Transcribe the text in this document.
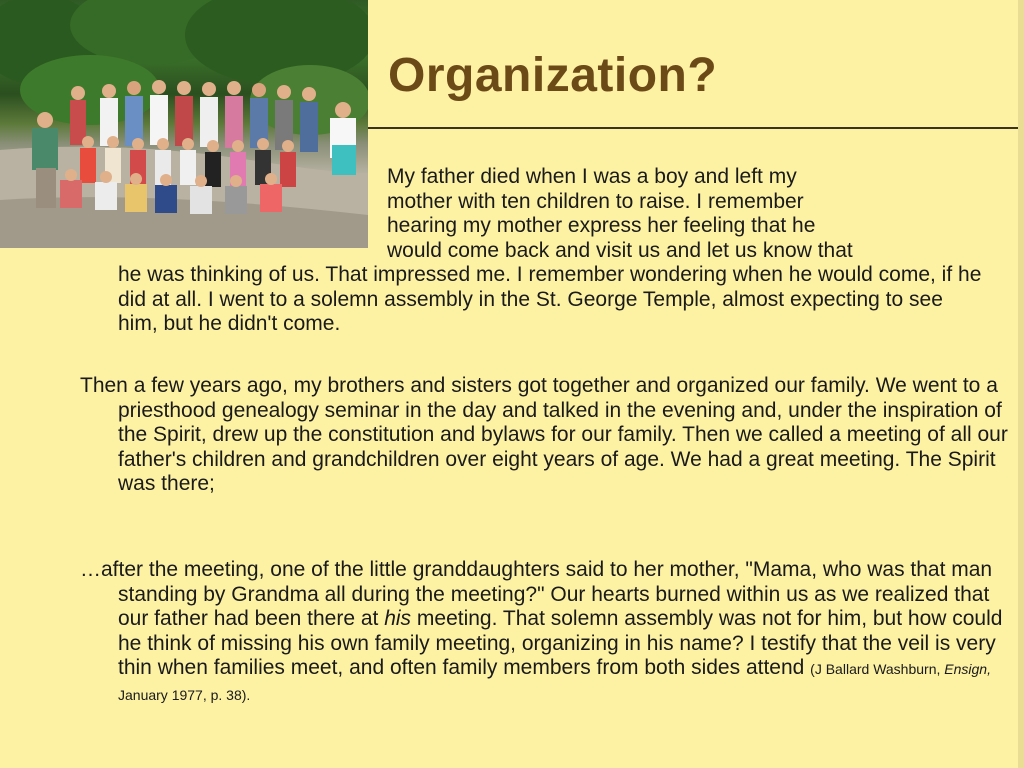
Organization?
My father died when I was a boy and left my
mother with ten children to raise. I remember
hearing my mother express her feeling that he
would come back and visit us and let us know that

he was thinking of us. That impressed me. I remember wondering when he would come, if he did at all. I went to a solemn assembly in the St. George Temple, almost expecting to see him, but he didn't come.

Then a few years ago, my brothers and sisters got together and organized our family. We went to a priesthood genealogy seminar in the day and talked in the evening and, under the inspiration of the Spirit, drew up the constitution and bylaws for our family. Then we called a meeting of all our father's children and grandchildren over eight years of age. We had a great meeting. The Spirit was there;

…after the meeting, one of the little granddaughters said to her mother, "Mama, who was that man standing by Grandma all during the meeting?" Our hearts burned within us as we realized that our father had been there at his meeting. That solemn assembly was not for him, but how could he think of missing his own family meeting, organizing in his name? I testify that the veil is very thin when families meet, and often family members from both sides attend (J Ballard Washburn, Ensign, January 1977, p. 38).
